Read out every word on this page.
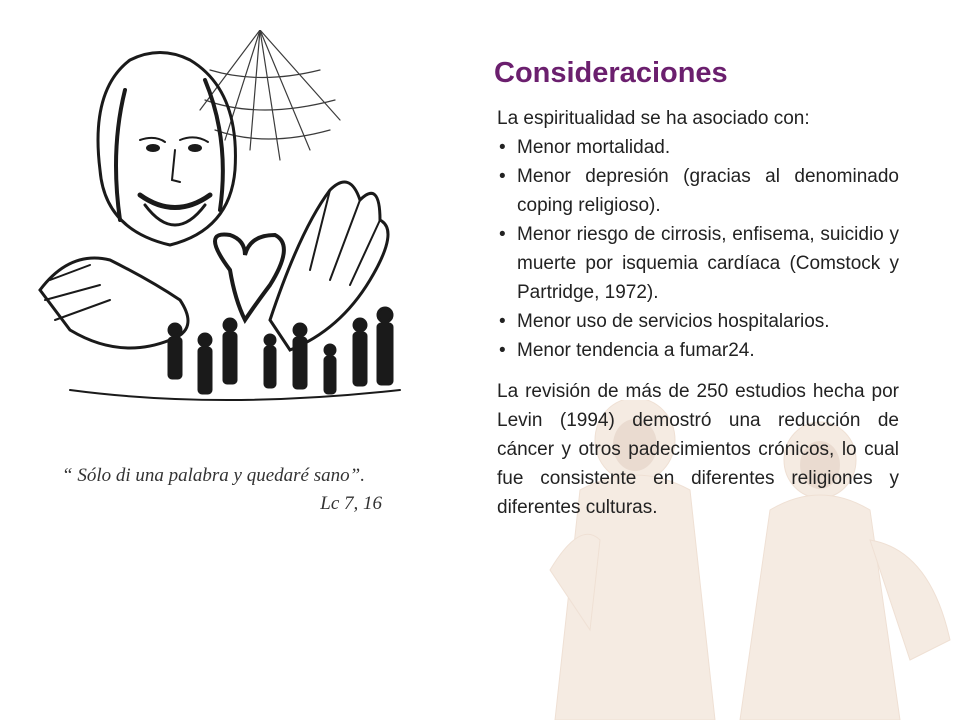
Consideraciones

La espiritualidad se ha asociado con:

• Menor mortalidad.
• Menor depresión (gracias al denominado coping religioso).
• Menor riesgo de cirrosis, enfisema, suicidio y muerte por isquemia cardíaca (Comstock y Partridge, 1972).
• Menor uso de servicios hospitalarios.
• Menor tendencia a fumar24.

La revisión de más de 250 estudios hecha por Levin (1994) demostró una reducción de cáncer y otros padecimientos crónicos, lo cual fue consistente en diferentes religiones y diferentes culturas.

“ Sólo di una palabra y quedaré sano”.
Lc 7, 16
